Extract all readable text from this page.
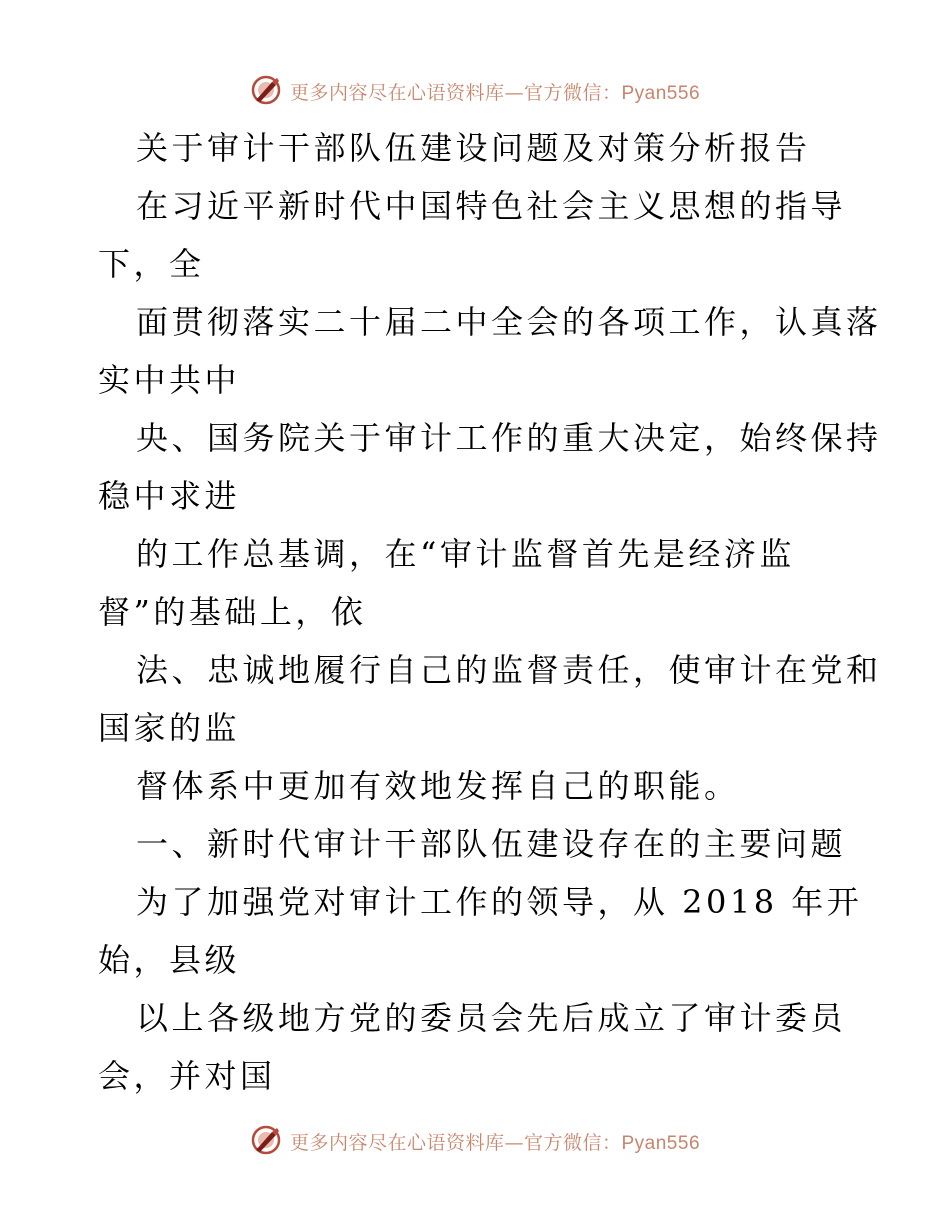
更多内容尽在心语资料库—官方微信：Pyan556
关于审计干部队伍建设问题及对策分析报告
在习近平新时代中国特色社会主义思想的指导
下，全
面贯彻落实二十届二中全会的各项工作，认真落
实中共中
央、国务院关于审计工作的重大决定，始终保持
稳中求进
的工作总基调，在“审计监督首先是经济监
督”的基础上，依
法、忠诚地履行自己的监督责任，使审计在党和
国家的监
督体系中更加有效地发挥自己的职能。
一、新时代审计干部队伍建设存在的主要问题
为了加强党对审计工作的领导，从 2018 年开
始，县级
以上各级地方党的委员会先后成立了审计委员
会，并对国
更多内容尽在心语资料库—官方微信：Pyan556
